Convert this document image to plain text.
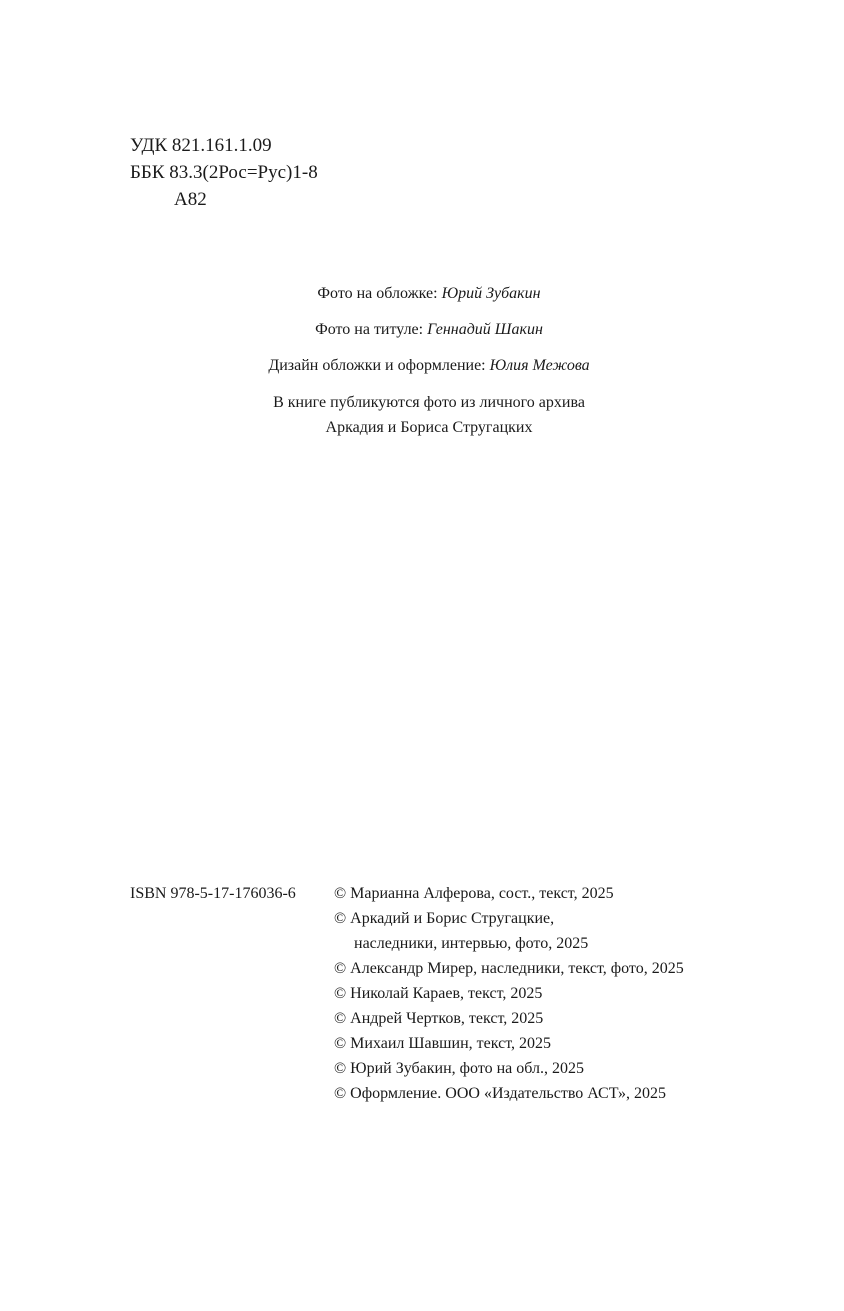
УДК 821.161.1.09
ББК 83.3(2Рос=Рус)1-8
А82
Фото на обложке: Юрий Зубакин
Фото на титуле: Геннадий Шакин
Дизайн обложки и оформление: Юлия Межова
В книге публикуются фото из личного архива
Аркадия и Бориса Стругацких
ISBN 978-5-17-176036-6 © Марианна Алферова, сост., текст, 2025
© Аркадий и Борис Стругацкие,
наследники, интервью, фото, 2025
© Александр Мирер, наследники, текст, фото, 2025
© Николай Караев, текст, 2025
© Андрей Чертков, текст, 2025
© Михаил Шавшин, текст, 2025
© Юрий Зубакин, фото на обл., 2025
© Оформление. ООО «Издательство АСТ», 2025
